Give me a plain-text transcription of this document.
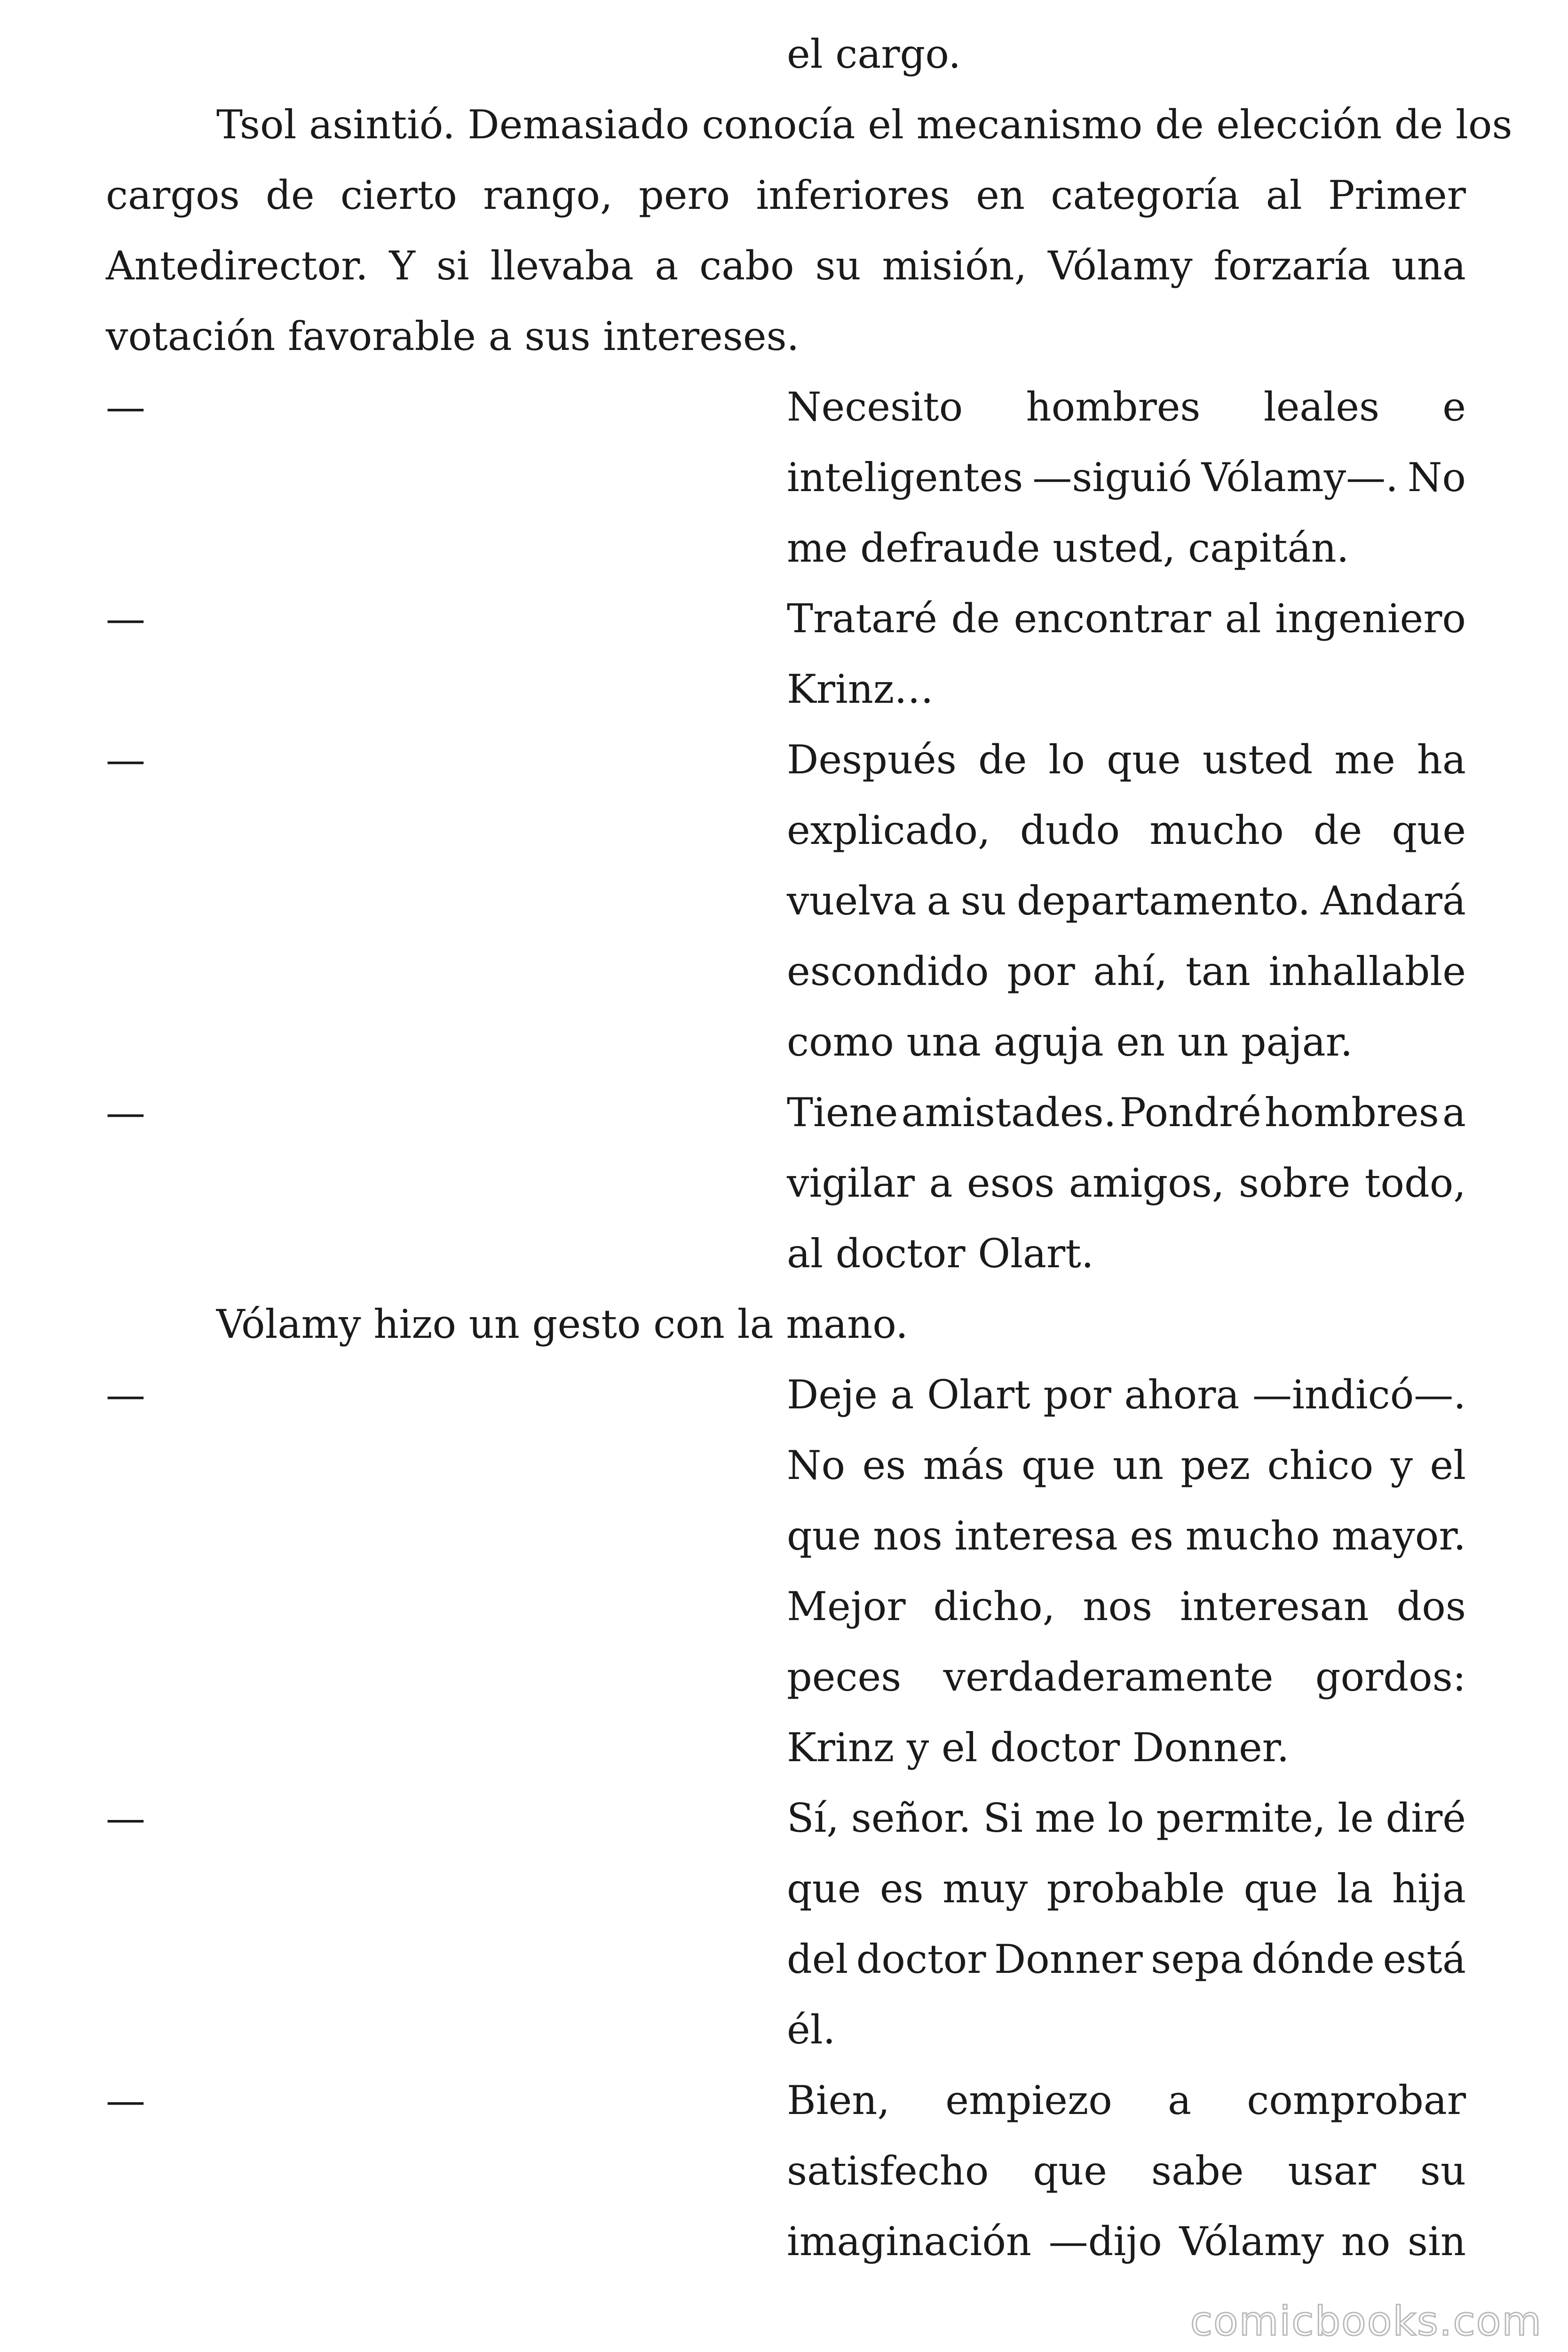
el cargo.
Tsol asintió. Demasiado conocía el mecanismo de elección de los
cargos de cierto rango, pero inferiores en categoría al Primer
Antedirector. Y si llevaba a cabo su misión, Vólamy forzaría una
votación favorable a sus intereses.
—	Necesito hombres leales e
inteligentes —siguió Vólamy—. No
me defraude usted, capitán.
—	Trataré de encontrar al ingeniero
Krinz…
—	Después de lo que usted me ha
explicado, dudo mucho de que
vuelva a su departamento. Andará
escondido por ahí, tan inhallable
como una aguja en un pajar.
—	Tiene amistades. Pondré hombres a
vigilar a esos amigos, sobre todo,
al doctor Olart.
Vólamy hizo un gesto con la mano.
—	Deje a Olart por ahora —indicó—.
No es más que un pez chico y el
que nos interesa es mucho mayor.
Mejor dicho, nos interesan dos
peces verdaderamente gordos:
Krinz y el doctor Donner.
—	Sí, señor. Si me lo permite, le diré
que es muy probable que la hija
del doctor Donner sepa dónde está
él.
—	Bien, empiezo a comprobar
satisfecho que sabe usar su
imaginación —dijo Vólamy no sin
comicbooks.com
